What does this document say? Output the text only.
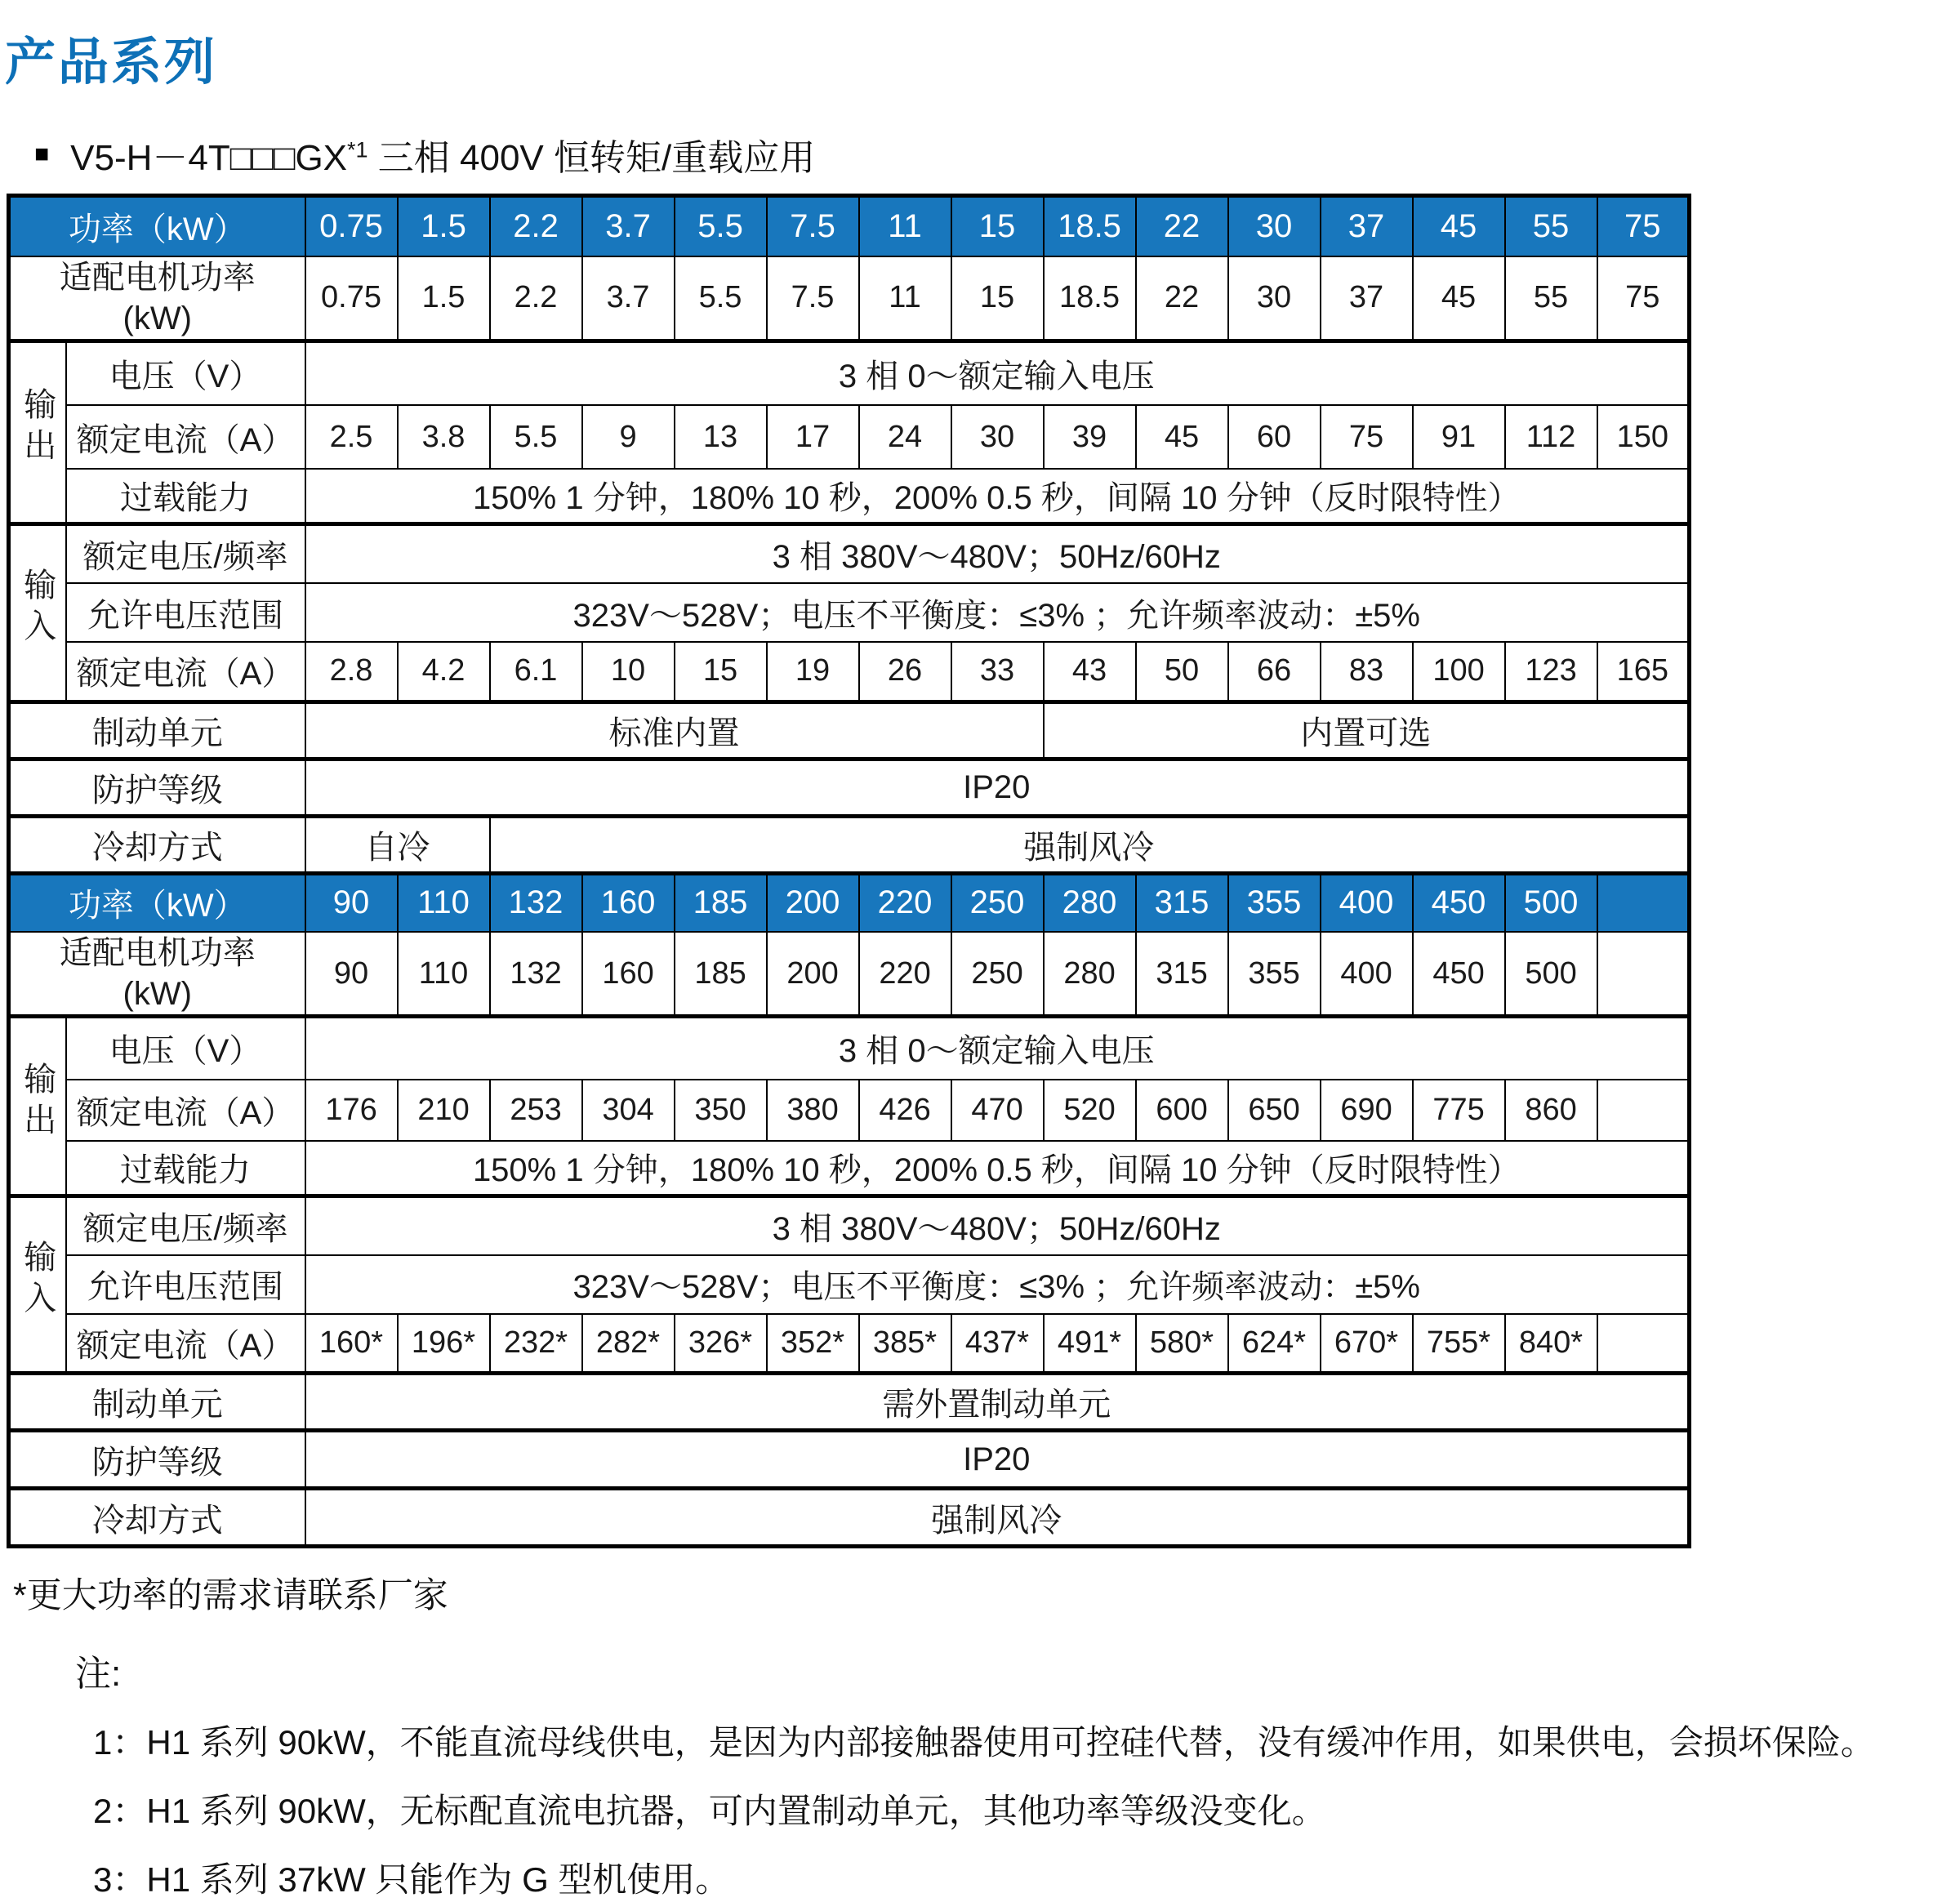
产品系列
■ $V5-H-4T□□□GX^{*1}$ 三相 400V 恒转矩/重载应用
功率（kW）		0.75	1.5	2.2	3.7	5.5	7.5	11	15	18.5	22	30	37	45	55	75

适配电机功率
(kW)		0.75	1.5	2.2	3.7	5.5	7.5	11	15	18.5	22	30	37	45	55	75
输出	电压（V）	3 相 0～额定输入电压														
	额定电流（A）	2.5	3.8	5.5	9	13	17	24	30	39	45	60	75	91	112	150
	过载能力	150% 1 分钟，180% 10 秒，200% 0.5 秒，间隔 10 分钟（反时限特性）														
输入	额定电压/频率	3 相 380V～480V；50Hz/60Hz														
	允许电压范围	323V～528V；电压不平衡度：≤3% ；允许频率波动：±5%														
	额定电流（A）	2.8	4.2	6.1	10	15	19	26	33	43	50	66	83	100	123	165
制动单元		标准内置								内置可选						
防护等级		IP20														
冷却方式		自冷		强制风冷												
功率（kW）		90	110	132	160	185	200	220	250	280	315	355	400	450	500	

适配电机功率
(kW)		90	110	132	160	185	200	220	250	280	315	355	400	450	500	
输出	电压（V）	3 相 0～额定输入电压														
	额定电流（A）	176	210	253	304	350	380	426	470	520	600	650	690	775	860	
	过载能力	150% 1 分钟，180% 10 秒，200% 0.5 秒，间隔 10 分钟（反时限特性）														
输入	额定电压/频率	3 相 380V～480V；50Hz/60Hz														
	允许电压范围	323V～528V；电压不平衡度：≤3% ；允许频率波动：±5%														
	额定电流（A）	160*	196*	232*	282*	326*	352*	385*	437*	491*	580*	624*	670*	755*	840*	
制动单元		需外置制动单元														
防护等级		IP20														
冷却方式		强制风冷														
*更大功率的需求请联系厂家
注:
1：H1 系列 90kW，不能直流母线供电，是因为内部接触器使用可控硅代替，没有缓冲作用，如果供电，会损坏保险。
2：H1 系列 90kW，无标配直流电抗器，可内置制动单元，其他功率等级没变化。
3：H1 系列 37kW 只能作为 G 型机使用。
